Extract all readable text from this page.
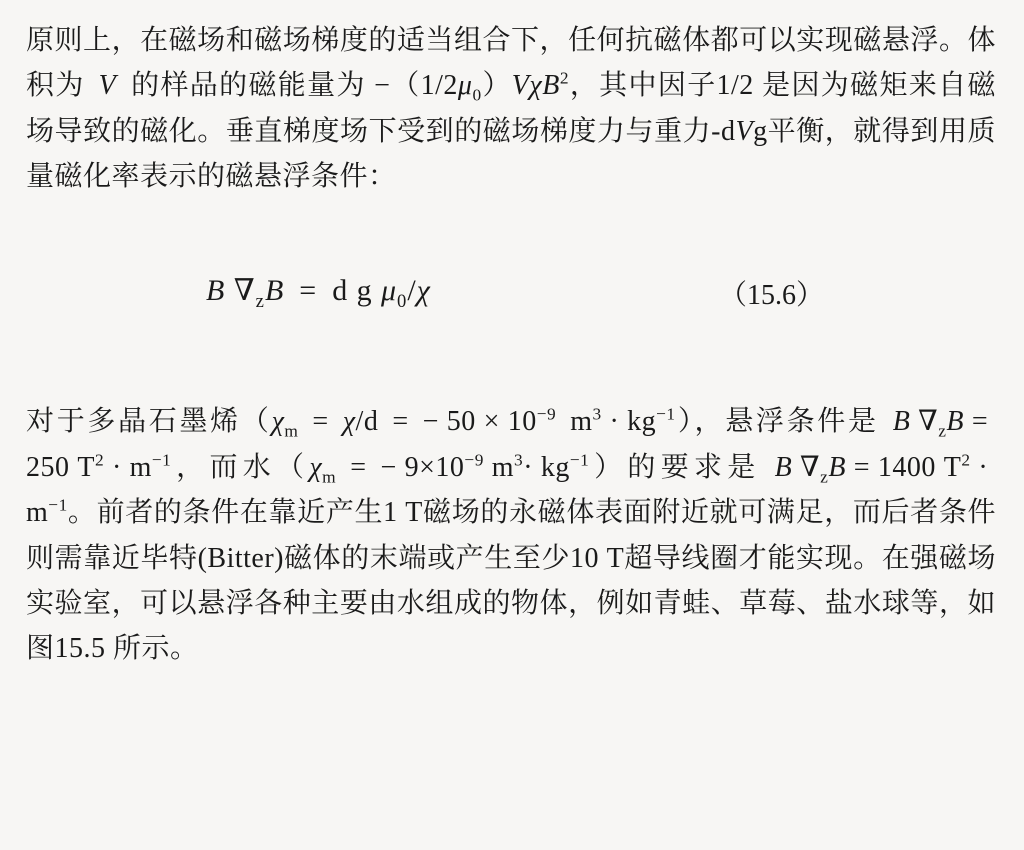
原则上，在磁场和磁场梯度的适当组合下，任何抗磁体都可以实现磁悬浮。体积为 V 的样品的磁能量为 $-(1/2\mu_0)V\chi B^2$，其中因子1/2 是因为磁矩来自磁场导致的磁化。垂直梯度场下受到的磁场梯度力与重力-dVg平衡，就得到用质量磁化率表示的磁悬浮条件：

B $\nabla_zB = d$ g $\mu_0/\chi$	（15.6）

对于多晶石墨烯（$\chi_m = \chi/d$ = − $50 \times 10^{-9}$ $m^3 \cdot kg^{-1}$），悬浮条件是 B $\nabla_zB =250$ $T^2 \cdot m^{-1}$，而水（$\chi_m$ = − $9\times 10^{-9}$ $m^3\cdot kg^{-1}$）的要求是 B $\nabla_zB = 1400$ $T^2 \cdot m^{-1}$。前者的条件在靠近产生1 T磁场的永磁体表面附近就可满足，而后者条件则需靠近毕特(Bitter)磁体的末端或产生至少10 T超导线圈才能实现。在强磁场实验室，可以悬浮各种主要由水组成的物体，例如青蛙、草莓、盐水球等，如图15.5 所示。
